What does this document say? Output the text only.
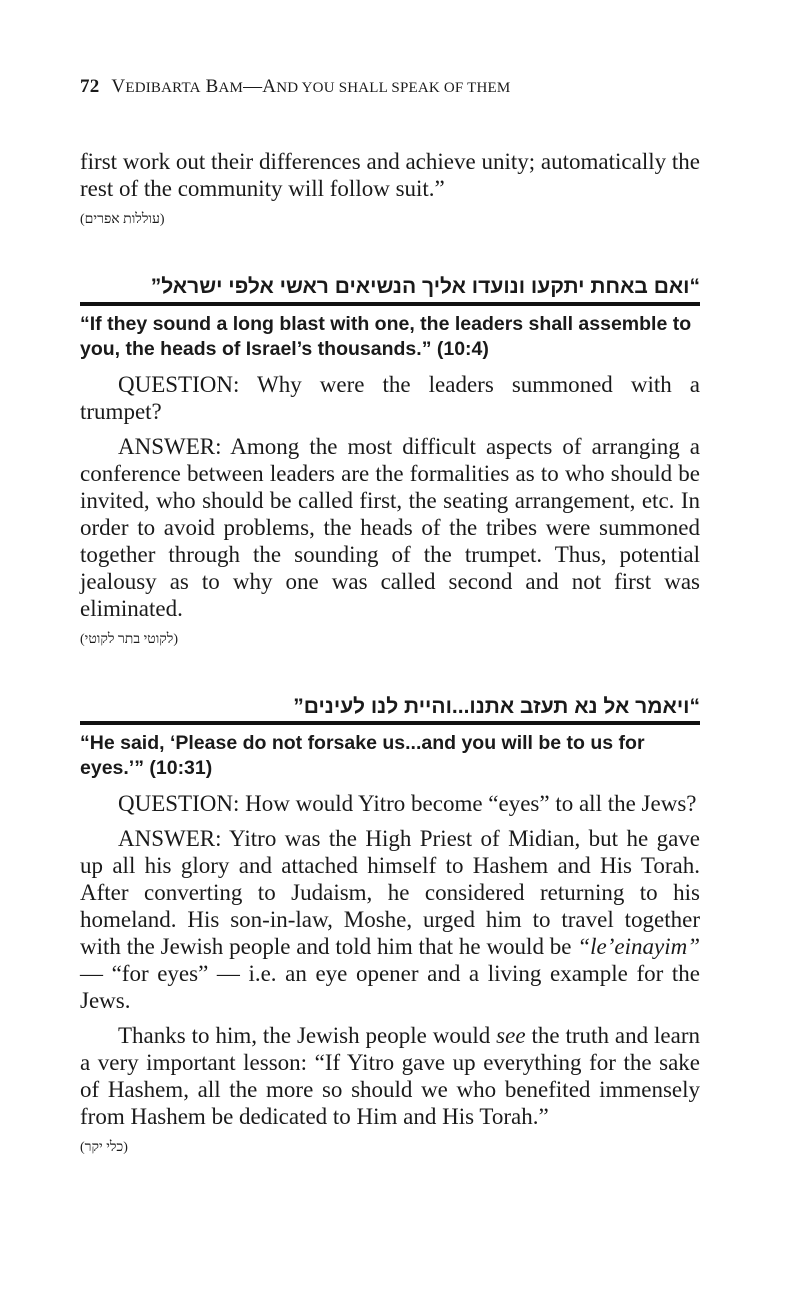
72 VEDIBARTA BAM—AND YOU SHALL SPEAK OF THEM

first work out their differences and achieve unity; automatically the rest of the community will follow suit.”

(עוללות אפרים)
“ואם באחת יתקעו ונועדו אליך הנשיאים ראשי אלפי ישראל”
“If they sound a long blast with one, the leaders shall assemble to you, the heads of Israel’s thousands.” (10:4)

QUESTION: Why were the leaders summoned with a trumpet?

ANSWER: Among the most difficult aspects of arranging a conference between leaders are the formalities as to who should be invited, who should be called first, the seating arrangement, etc. In order to avoid problems, the heads of the tribes were summoned together through the sounding of the trumpet. Thus, potential jealousy as to why one was called second and not first was eliminated.

(לקוטי בתר לקוטי)
“ויאמר אל נא תעזב אתנו...והיית לנו לעינים”
“He said, ‘Please do not forsake us...and you will be to us for eyes.’” (10:31)

QUESTION: How would Yitro become “eyes” to all the Jews?

ANSWER: Yitro was the High Priest of Midian, but he gave up all his glory and attached himself to Hashem and His Torah. After converting to Judaism, he considered returning to his homeland. His son-in-law, Moshe, urged him to travel together with the Jewish people and told him that he would be “le’einayim” — “for eyes” — i.e. an eye opener and a living example for the Jews.

Thanks to him, the Jewish people would see the truth and learn a very important lesson: “If Yitro gave up everything for the sake of Hashem, all the more so should we who benefited immensely from Hashem be dedicated to Him and His Torah.”

(כלי יקר)
